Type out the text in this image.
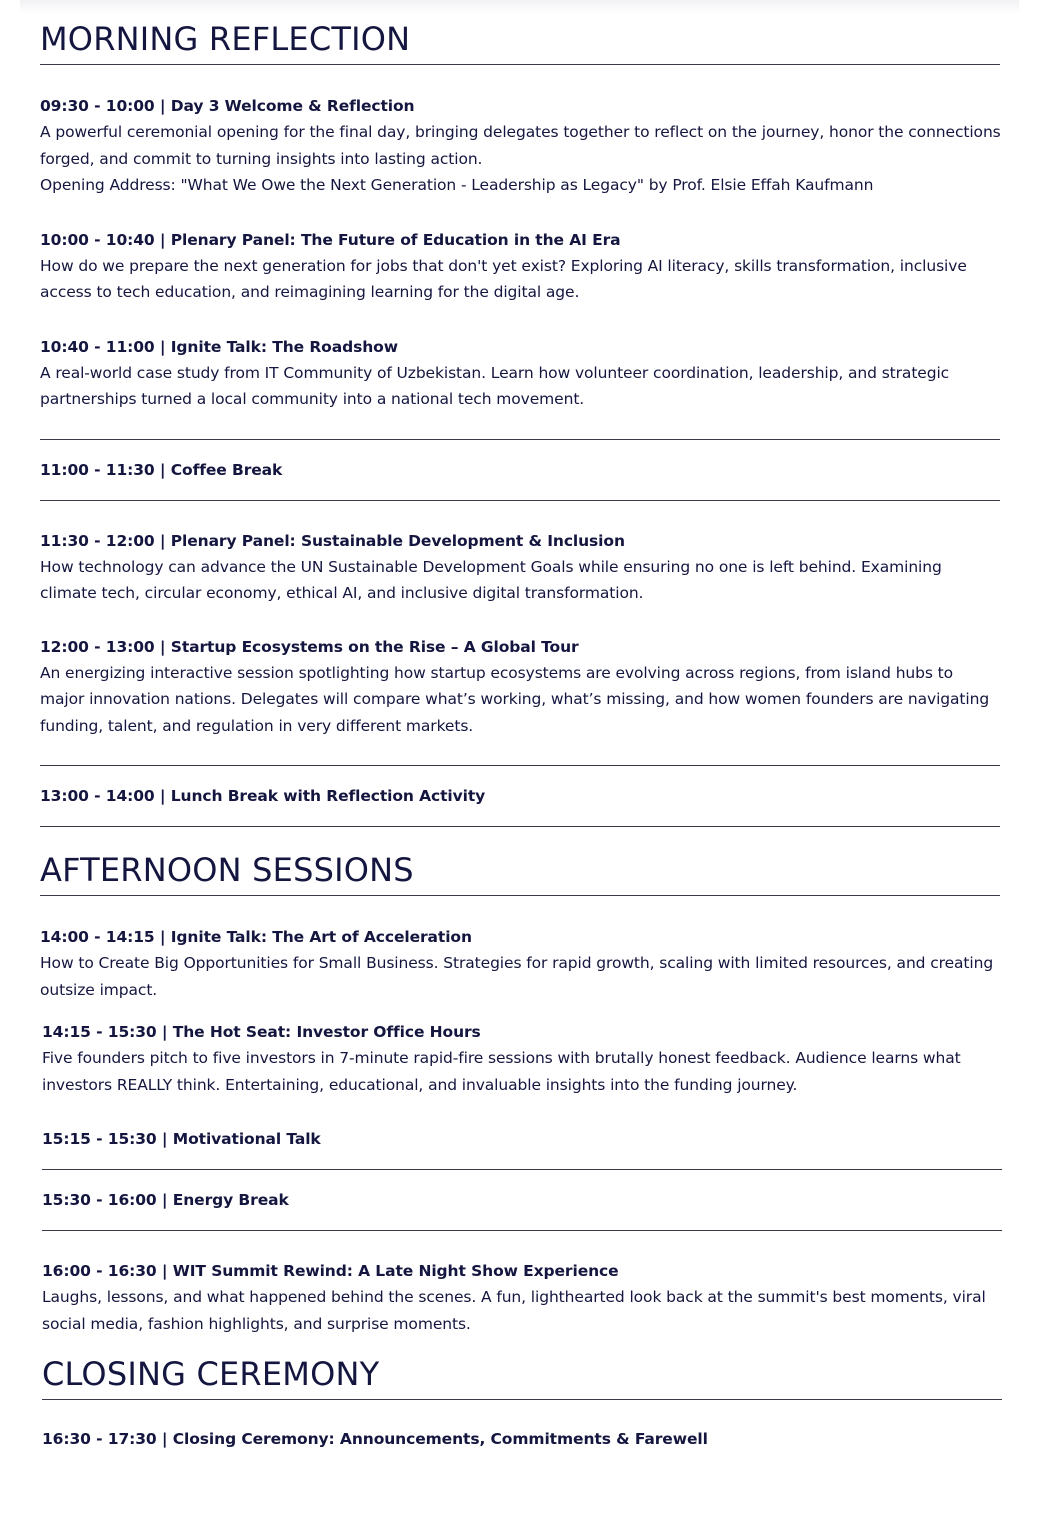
MORNING REFLECTION

09:30 - 10:00 | Day 3 Welcome & Reflection

A powerful ceremonial opening for the final day, bringing delegates together to reflect on the journey, honor the connections forged, and commit to turning insights into lasting action.

Opening Address: "What We Owe the Next Generation - Leadership as Legacy" by Prof. Elsie Effah Kaufmann

10:00 - 10:40 | Plenary Panel: The Future of Education in the AI Era

How do we prepare the next generation for jobs that don't yet exist? Exploring AI literacy, skills transformation, inclusive access to tech education, and reimagining learning for the digital age.

10:40 - 11:00 | Ignite Talk: The Roadshow

A real-world case study from IT Community of Uzbekistan. Learn how volunteer coordination, leadership, and strategic partnerships turned a local community into a national tech movement.

11:00 - 11:30 | Coffee Break

11:30 - 12:00 | Plenary Panel: Sustainable Development & Inclusion

How technology can advance the UN Sustainable Development Goals while ensuring no one is left behind. Examining climate tech, circular economy, ethical AI, and inclusive digital transformation.

12:00 - 13:00 | Startup Ecosystems on the Rise – A Global Tour

An energizing interactive session spotlighting how startup ecosystems are evolving across regions, from island hubs to major innovation nations. Delegates will compare what’s working, what’s missing, and how women founders are navigating funding, talent, and regulation in very different markets.

13:00 - 14:00 | Lunch Break with Reflection Activity

AFTERNOON SESSIONS

14:00 - 14:15 | Ignite Talk: The Art of Acceleration

How to Create Big Opportunities for Small Business. Strategies for rapid growth, scaling with limited resources, and creating outsize impact.

14:15 - 15:30 | The Hot Seat: Investor Office Hours

Five founders pitch to five investors in 7-minute rapid-fire sessions with brutally honest feedback. Audience learns what investors REALLY think. Entertaining, educational, and invaluable insights into the funding journey.

15:15 - 15:30 | Motivational Talk

15:30 - 16:00 | Energy Break

16:00 - 16:30 | WIT Summit Rewind: A Late Night Show Experience

Laughs, lessons, and what happened behind the scenes. A fun, lighthearted look back at the summit's best moments, viral social media, fashion highlights, and surprise moments.

CLOSING CEREMONY

16:30 - 17:30 | Closing Ceremony: Announcements, Commitments & Farewell
